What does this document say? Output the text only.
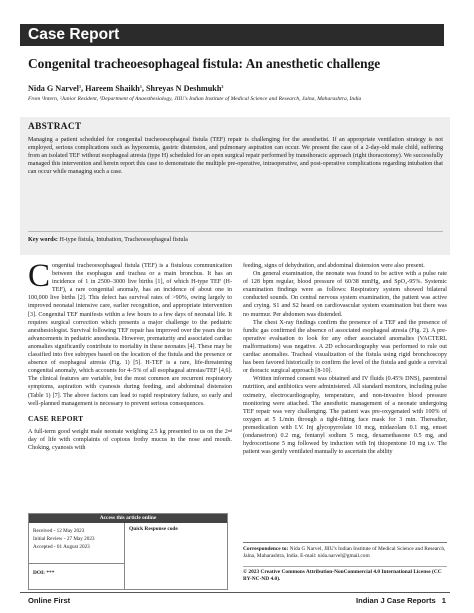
Case Report
Congenital tracheoesophageal fistula: An anesthetic challenge
Nida G Narvel$^1$, Hareem Shaikh$^1$, Shreyas N Deshmukh$^2$
From ¹Intern, ²Junior Resident, ³Department of Anaesthesiology, JIIU's Indian Institute of Medical Science and Research, Jalna, Maharashtra, India
ABSTRACT
Managing a patient scheduled for congenital tracheoesophageal fistula (TEF) repair is challenging for the anesthetist. If an appropriate ventilation strategy is not employed, serious complications such as hypoxemia, gastric distension, and pulmonary aspiration can occur. We present the case of a 2-day-old male child, suffering from an isolated TEF without esophageal atresia (type H) scheduled for an open surgical repair performed by transthoracic approach (right thoracotomy). We successfully managed this intervention and herein report this case to demonstrate the multiple pre-operative, intraoperative, and post-operative complications regarding intubation that can occur while managing such a case.
Key words: H-type fistula, Intubation, Tracheoesophageal fistula

Congenital tracheoesophageal fistula (TEF) is a fistulous communication between the esophagus and trachea or a main bronchus. It has an incidence of 1 in 2500–3000 live births [1], of which H-type TEF (H-TEF), a rare congenital anomaly, has an incidence of about one in 100,000 live births [2]. This defect has survival rates of >90%, owing largely to improved neonatal intensive care, earlier recognition, and appropriate intervention [3]. Congenital TEF manifests within a few hours to a few days of neonatal life. It requires surgical correction which presents a major challenge to the pediatric anesthesiologist. Survival following TEF repair has improved over the years due to advancements in pediatric anesthesia. However, prematurity and associated cardiac anomalies significantly contribute to mortality in these neonates [4]. These may be classified into five subtypes based on the location of the fistula and the presence or absence of esophageal atresia (Fig. 1) [5]. H-TEF is a rare, life-threatening congenital anomaly, which accounts for 4–5% of all esophageal atresias/TEF [4,6]. The clinical features are variable, but the most common are recurrent respiratory symptoms, aspiration with cyanosis during feeding, and abdominal distension (Table 1) [7]. The above factors can lead to rapid respiratory failure, so early and well-planned management is necessary to prevent serious consequences.

CASE REPORT

A full-term good weight male neonate weighing 2.5 kg presented to us on the 2nd day of life with complaints of copious frothy mucus in the nose and mouth. Choking, cyanosis with

feeding, signs of dehydration, and abdominal distension were also present.

On general examination, the neonate was found to be active with a pulse rate of 128 bpm regular, blood pressure of 60/38 mmHg, and SpO₂-95%. Systemic examination findings were as follows: Respiratory system showed bilateral conducted sounds. On central nervous system examination, the patient was active and crying. S1 and S2 heard on cardiovascular system examination but there was no murmur. Per abdomen was distended.

The chest X-ray findings confirm the presence of a TEF and the presence of fundic gas confirmed the absence of associated esophageal atresia (Fig. 2). A pre-operative evaluation to look for any other associated anomalies (VACTERL malformations) was negative. A 2D echocardiography was performed to rule out cardiac anomalies. Tracheal visualization of the fistula using rigid bronchoscopy has been favored historically to confirm the level of the fistula and guide a cervical or thoracic surgical approach [8-10].

Written informed consent was obtained and IV fluids (0.45% DNS), parenteral nutrition, and antibiotics were administered. All standard monitors, including pulse oximetry, electrocardiography, temperature, and non-invasive blood pressure monitoring were attached. The anesthetic management of a neonate undergoing TEF repair was very challenging. The patient was pre-oxygenated with 100% of oxygen at 5 L/min through a tight-fitting face mask for 3 min. Thereafter, premedication with I.V. Inj glycopyrrolate 10 mcg, midazolam 0.1 mg, emset (ondansetron) 0.2 mg, fentanyl sodium 5 mcg, dexamethasone 0.5 mg, and hydrocortisone 5 mg followed by induction with Inj thiopentone 10 mg i.v. The patient was gently ventilated manually to ascertain the ability

Access this article online
Received - 12 May 2023
Initial Review - 27 May 2023
Accepted - 01 August 2023
DOI: ***
Quick Response code
Correspondence to: Nida G Narvel, JIIU's Indian Institute of Medical Science and Research, Jalna, Maharashtra, India. E-mail: nida.narvel@gmail.com
© 2023 Creative Commons Attribution-NonCommercial 4.0 International License (CC BY-NC-ND 4.0).
Online First	Indian J Case Reports 1
